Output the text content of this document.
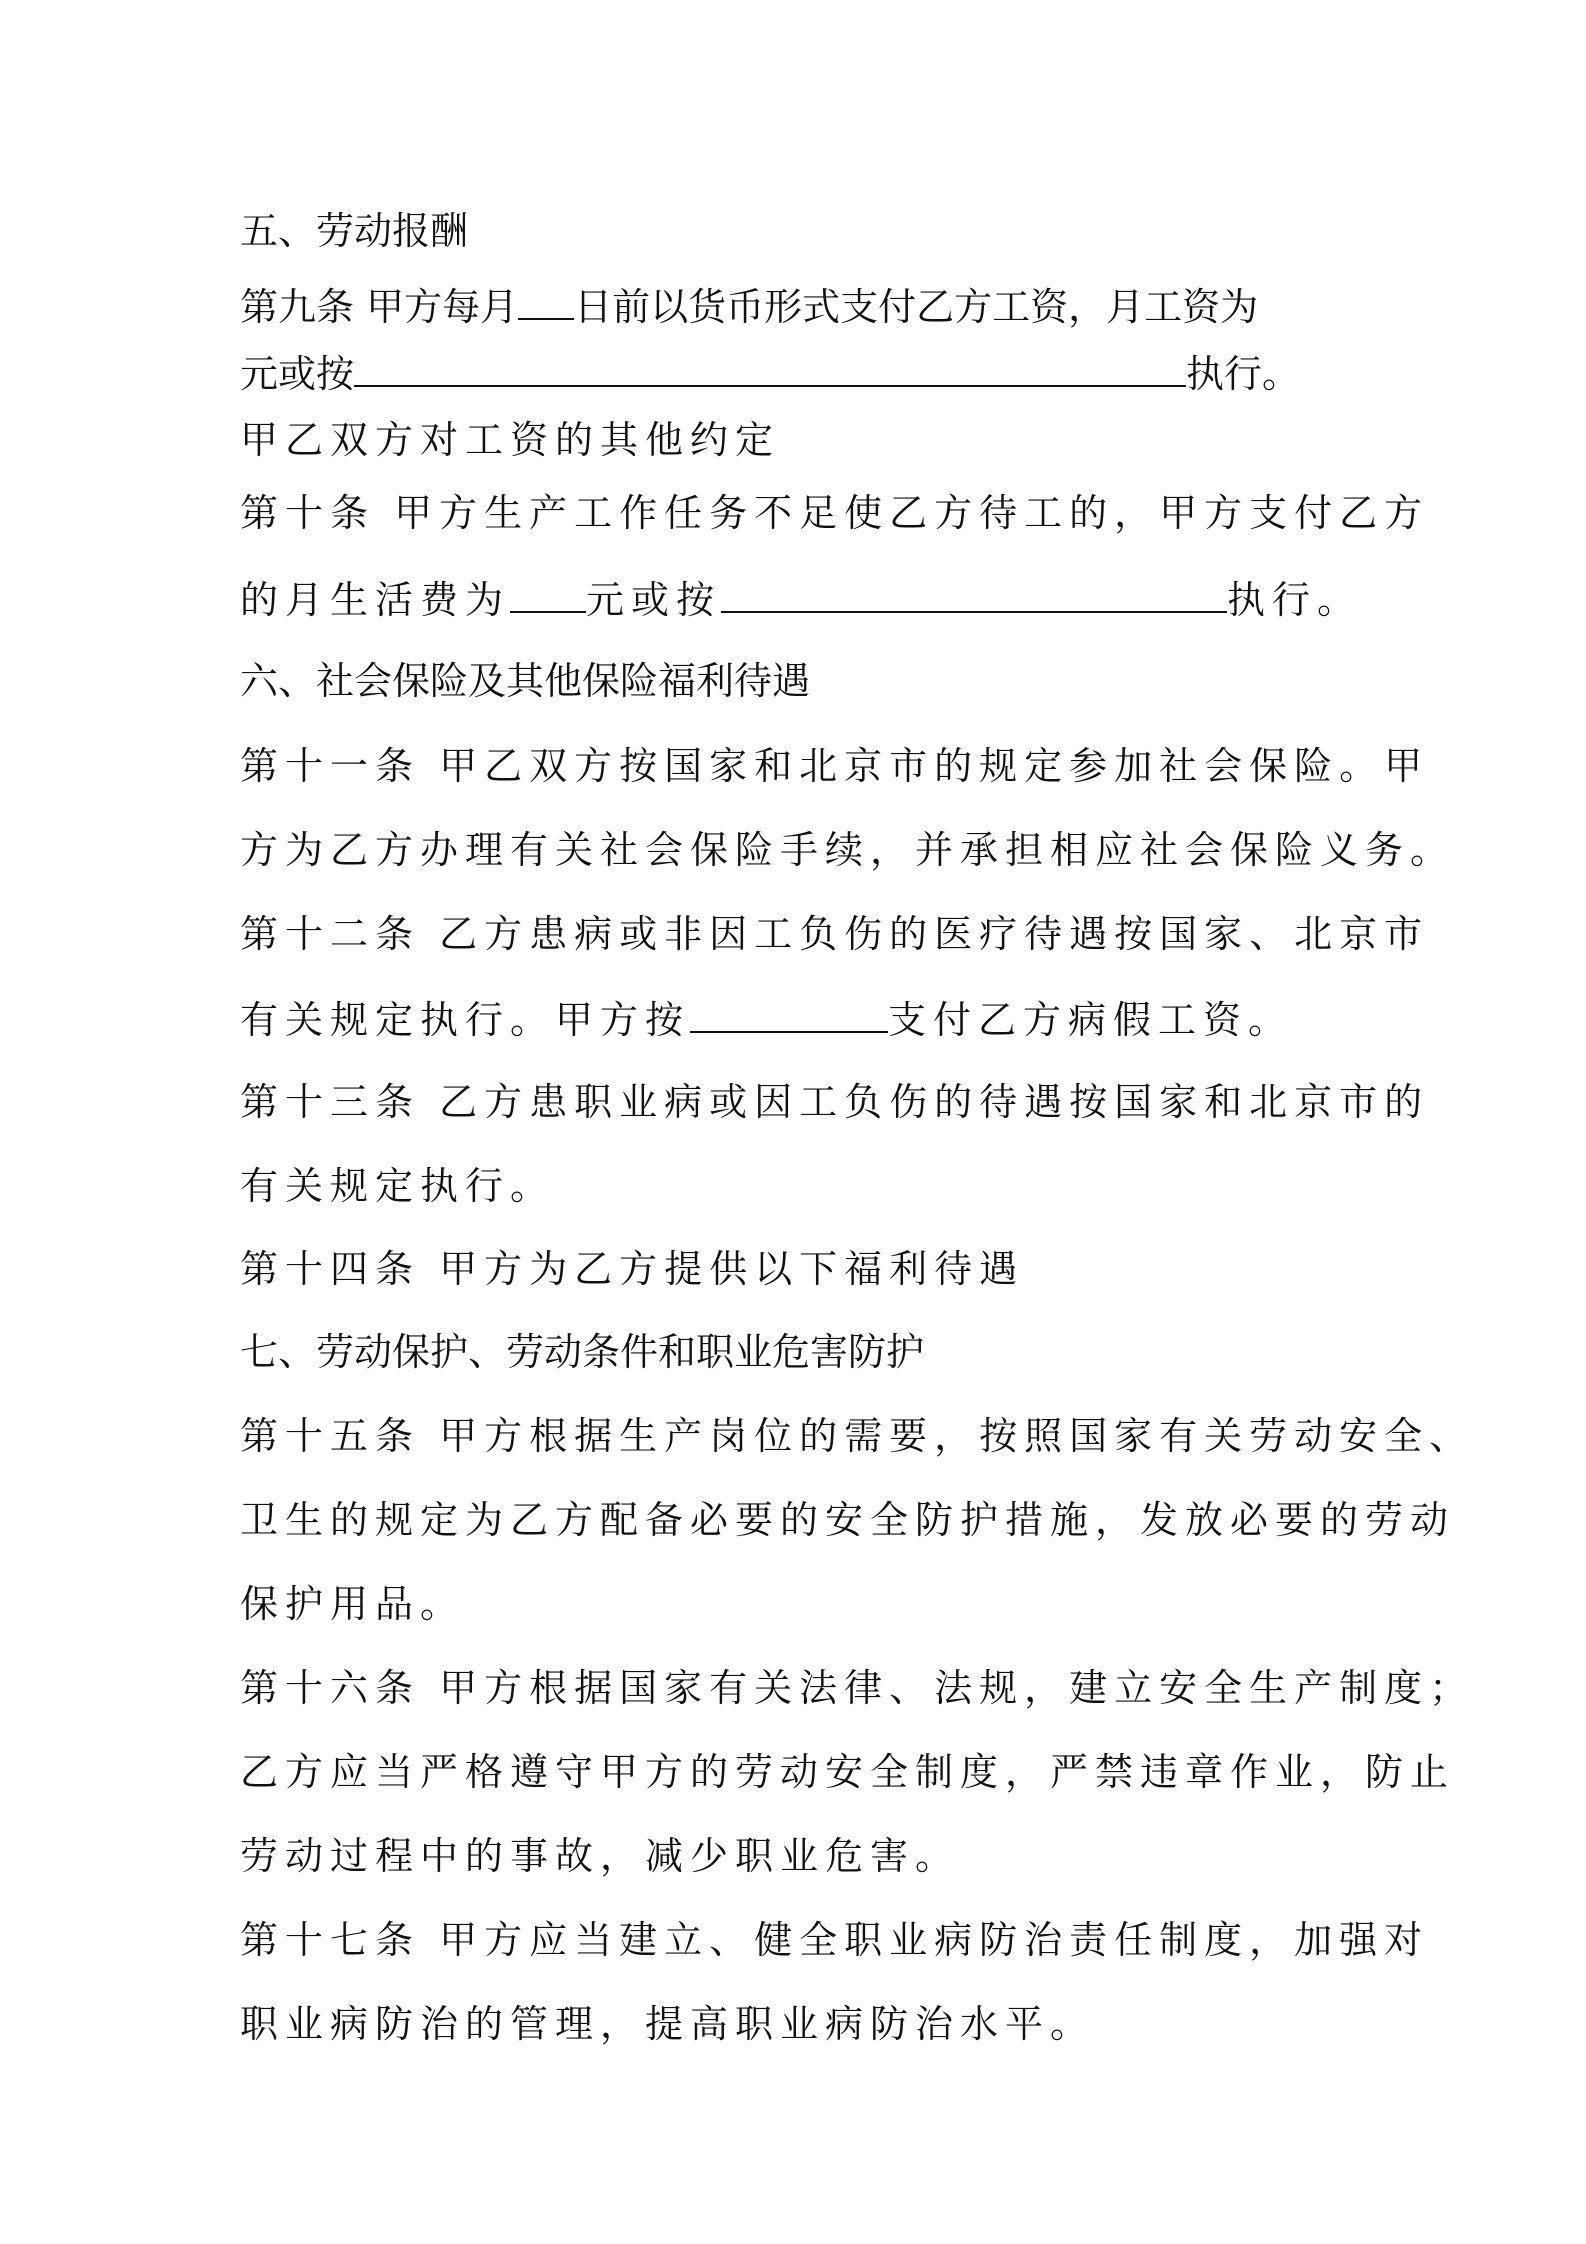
五、劳动报酬
第九条 甲方每月 日前以货币形式支付乙方工资，月工资为
元或按	执行。
甲乙双方对工资的其他约定
第十条 甲方生产工作任务不足使乙方待工的，甲方支付乙方
的月生活费为 元或按	执行。
六、社会保险及其他保险福利待遇
第十一条 甲乙双方按国家和北京市的规定参加社会保险。甲
方为乙方办理有关社会保险手续，并承担相应社会保险义务。
第十二条 乙方患病或非因工负伤的医疗待遇按国家、北京市
有关规定执行。甲方按	支付乙方病假工资。
第十三条 乙方患职业病或因工负伤的待遇按国家和北京市的
有关规定执行。
第十四条 甲方为乙方提供以下福利待遇
七、劳动保护、劳动条件和职业危害防护
第十五条 甲方根据生产岗位的需要，按照国家有关劳动安全、
卫生的规定为乙方配备必要的安全防护措施，发放必要的劳动
保护用品。
第十六条 甲方根据国家有关法律、法规，建立安全生产制度；
乙方应当严格遵守甲方的劳动安全制度，严禁违章作业，防止
劳动过程中的事故，减少职业危害。
第十七条 甲方应当建立、健全职业病防治责任制度，加强对
职业病防治的管理，提高职业病防治水平。
